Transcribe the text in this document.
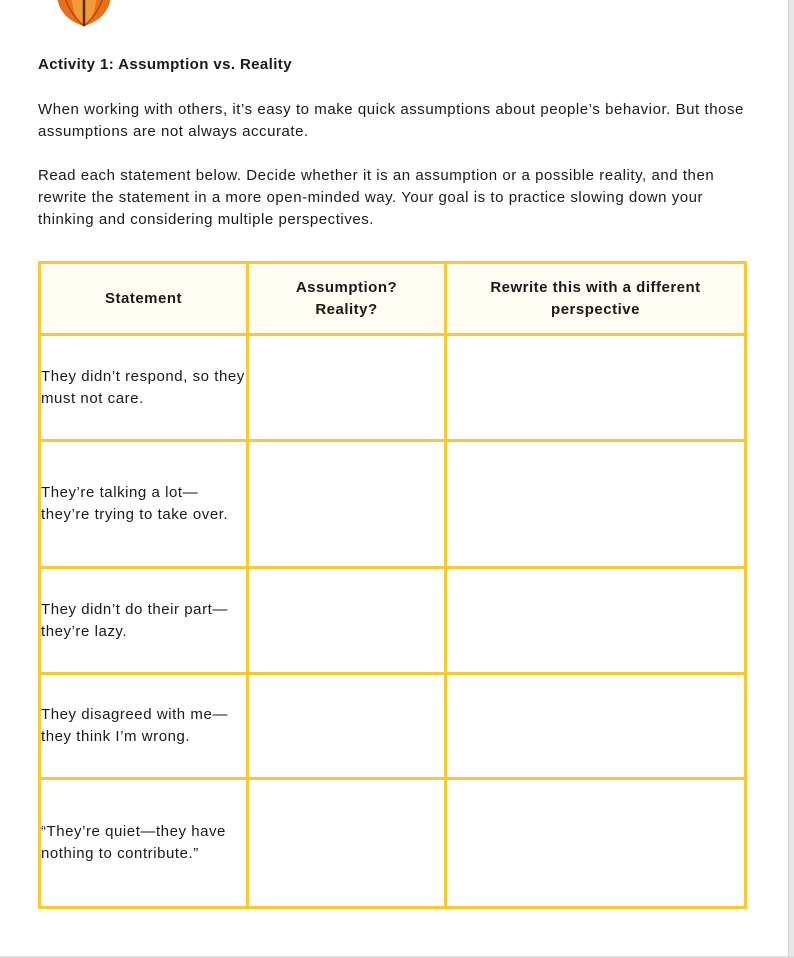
Activity 1: Assumption vs. Reality
When working with others, it’s easy to make quick assumptions about people’s behavior. But those assumptions are not always accurate.
Read each statement below. Decide whether it is an assumption or a possible reality, and then rewrite the statement in a more open-minded way. Your goal is to practice slowing down your thinking and considering multiple perspectives.
Statement	Assumption? Reality?	Rewrite this with a different perspective
They didn’t respond, so they must not care.		
They’re talking a lot—they’re trying to take over.		
They didn’t do their part—they’re lazy.		
They disagreed with me—they think I’m wrong.		
“They’re quiet—they have nothing to contribute.”		
